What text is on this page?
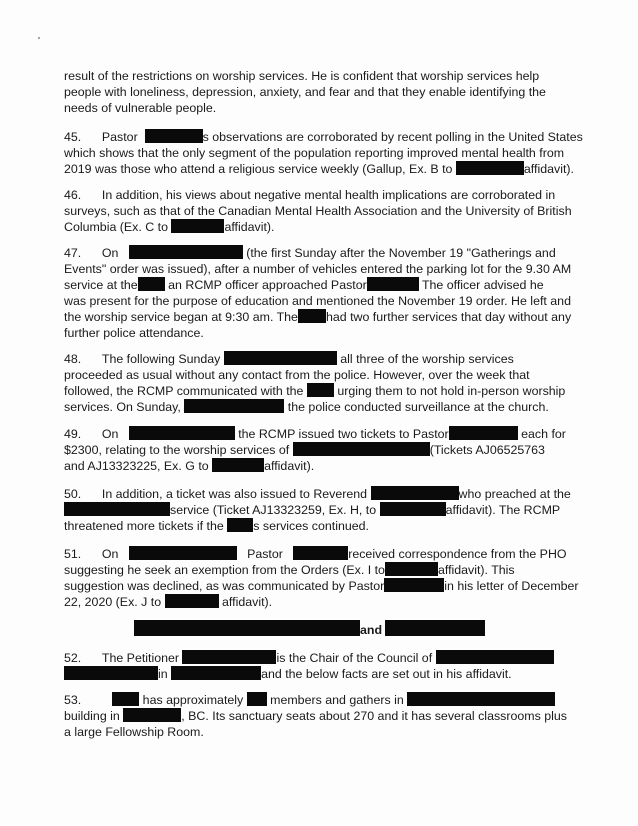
result of the restrictions on worship services. He is confident that worship services help
people with loneliness, depression, anxiety, and fear and that they enable identifying the
needs of vulnerable people.
45. Pastor	s observations are corroborated by recent polling in the United States
which shows that the only segment of the population reporting improved mental health from
2019 was those who attend a religious service weekly (Gallup, Ex. B to	affidavit).
46. In addition, his views about negative mental health implications are corroborated in
surveys, such as that of the Canadian Mental Health Association and the University of British
Columbia (Ex. C to	affidavit).
47. On	(the first Sunday after the November 19 "Gatherings and
Events" order was issued), after a number of vehicles entered the parking lot for the 9.30 AM
service at the an RCMP officer approached Pastor	The officer advised he
was present for the purpose of education and mentioned the November 19 order. He left and
the worship service began at 9:30 am. The had two further services that day without any
further police attendance.
48. The following Sunday	all three of the worship services
proceeded as usual without any contact from the police. However, over the week that
followed, the RCMP communicated with the  urging them to not hold in-person worship
services. On Sunday,	the police conducted surveillance at the church.
49. On	the RCMP issued two tickets to Pastor	each for
$2300, relating to the worship services of	(Tickets AJ06525763
and AJ13323225, Ex. G to	affidavit).
50. In addition, a ticket was also issued to Reverend	who preached at the
service (Ticket AJ13323259, Ex. H, to	affidavit). The RCMP
threatened more tickets if the s services continued.
51. On	Pastor	received correspondence from the PHO
suggesting he seek an exemption from the Orders (Ex. I to	affidavit). This
suggestion was declined, as was communicated by Pastor	in his letter of December
22, 2020 (Ex. J to	affidavit).
and
52. The Petitioner	is the Chair of the Council of
in	and the below facts are set out in his affidavit.
53.	has approximately members and gathers in
building in	, BC. Its sanctuary seats about 270 and it has several classrooms plus
a large Fellowship Room.
